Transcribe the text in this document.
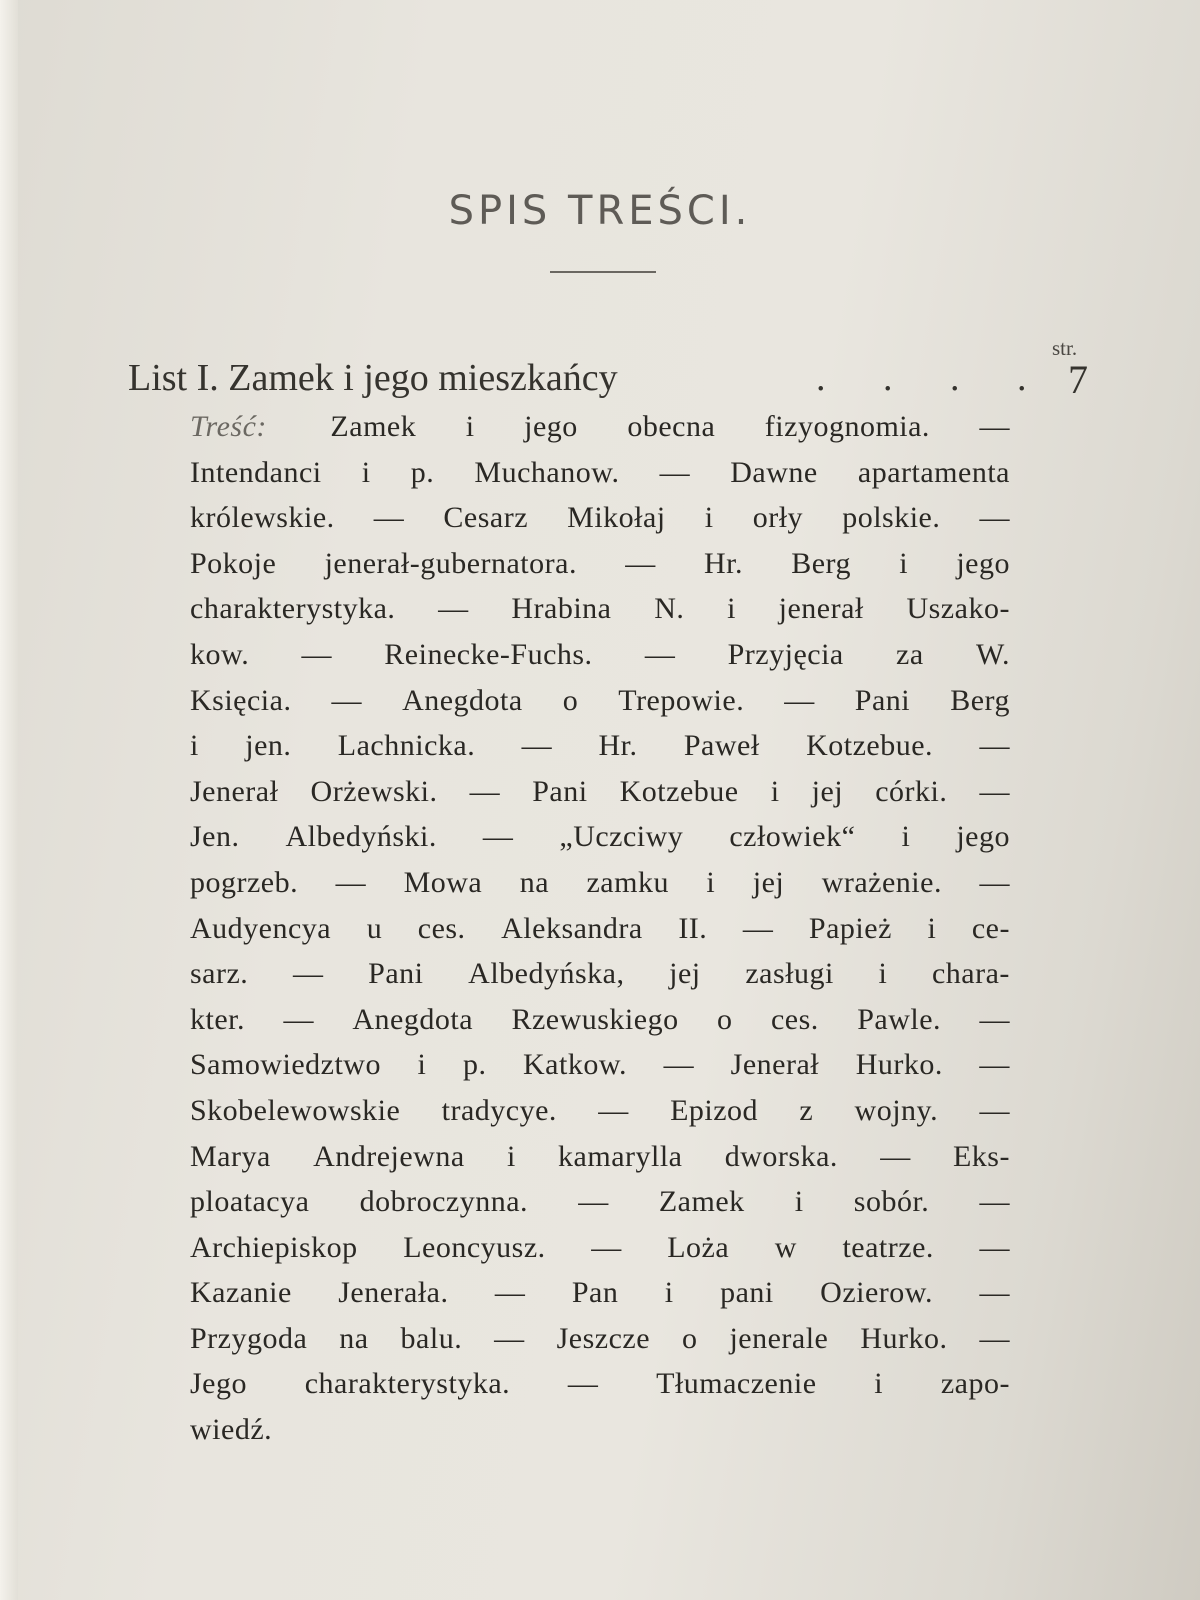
SPIS TREŚCI.
str.
List I. Zamek i jego mieszkańcy	. . . . 7
Treść: Zamek i jego obecna fizyognomia. —
Intendanci i p. Muchanow. — Dawne apartamenta
królewskie. — Cesarz Mikołaj i orły polskie. —
Pokoje jenerał-gubernatora. — Hr. Berg i jego
charakterystyka. — Hrabina N. i jenerał Uszako-
kow. — Reinecke-Fuchs. — Przyjęcia za W.
Księcia. — Anegdota o Trepowie. — Pani Berg
i jen. Lachnicka. — Hr. Paweł Kotzebue. —
Jenerał Orżewski. — Pani Kotzebue i jej córki. —
Jen. Albedyński. — „Uczciwy człowiek“ i jego
pogrzeb. — Mowa na zamku i jej wrażenie. —
Audyencya u ces. Aleksandra II. — Papież i ce-
sarz. — Pani Albedyńska, jej zasługi i chara-
kter. — Anegdota Rzewuskiego o ces. Pawle. —
Samowiedztwo i p. Katkow. — Jenerał Hurko. —
Skobelewowskie tradycye. — Epizod z wojny. —
Marya Andrejewna i kamarylla dworska. — Eks-
ploatacya dobroczynna. — Zamek i sobór. —
Archiepiskop Leoncyusz. — Loża w teatrze. —
Kazanie Jenerała. — Pan i pani Ozierow. —
Przygoda na balu. — Jeszcze o jenerale Hurko. —
Jego charakterystyka. — Tłumaczenie i zapo-
wiedź.
